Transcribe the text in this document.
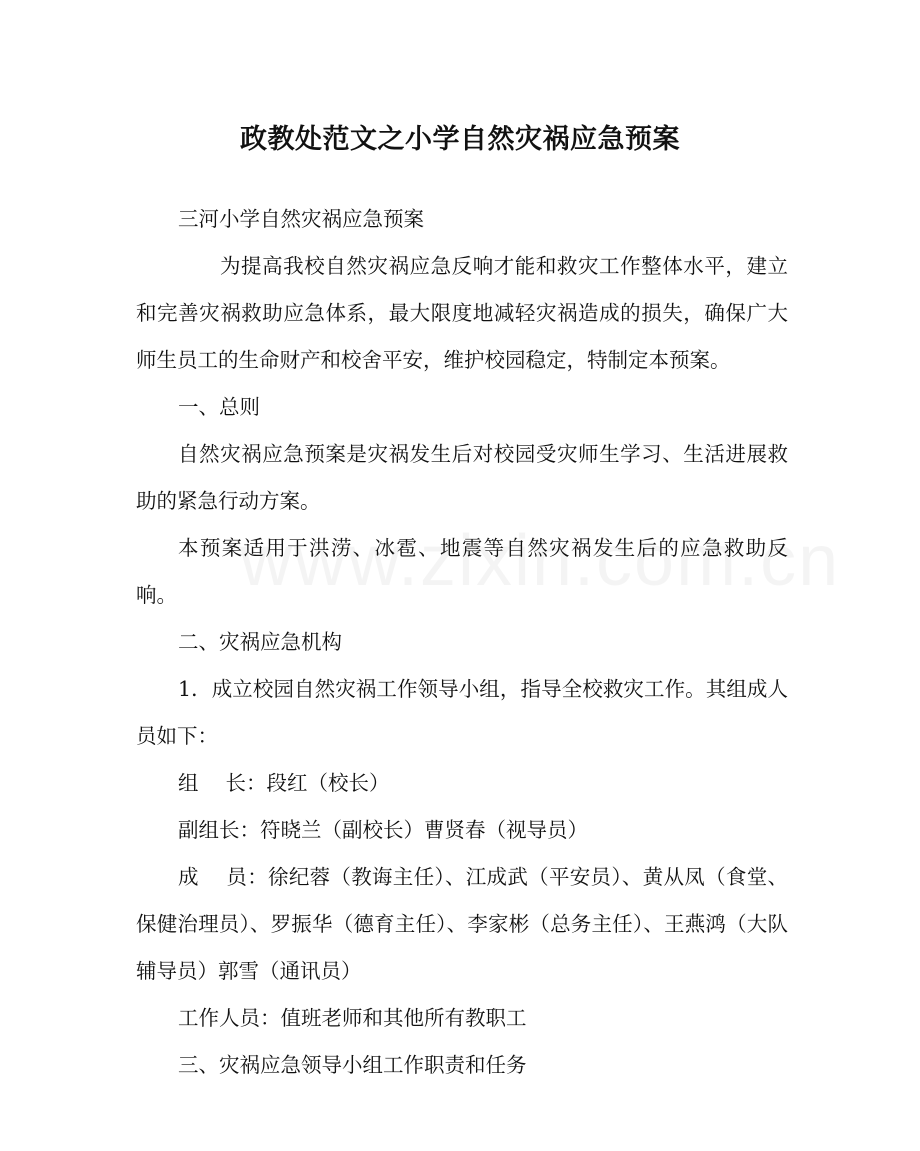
政教处范文之小学自然灾祸应急预案

三河小学自然灾祸应急预案

为提高我校自然灾祸应急反响才能和救灾工作整体水平，建立和完善灾祸救助应急体系，最大限度地减轻灾祸造成的损失，确保广大师生员工的生命财产和校舍平安，维护校园稳定，特制定本预案。

一、总则

自然灾祸应急预案是灾祸发生后对校园受灾师生学习、生活进展救助的紧急行动方案。

本预案适用于洪涝、冰雹、地震等自然灾祸发生后的应急救助反响。

二、灾祸应急机构

1．成立校园自然灾祸工作领导小组，指导全校救灾工作。其组成人员如下：

组　 长：段红（校长）

副组长：符晓兰（副校长）曹贤春（视导员）

成　 员：徐纪蓉（教诲主任）、江成武（平安员）、黄从凤（食堂、保健治理员）、罗振华（德育主任）、李家彬（总务主任）、王燕鸿（大队辅导员）郭雪（通讯员）

工作人员：值班老师和其他所有教职工

三、灾祸应急领导小组工作职责和任务
